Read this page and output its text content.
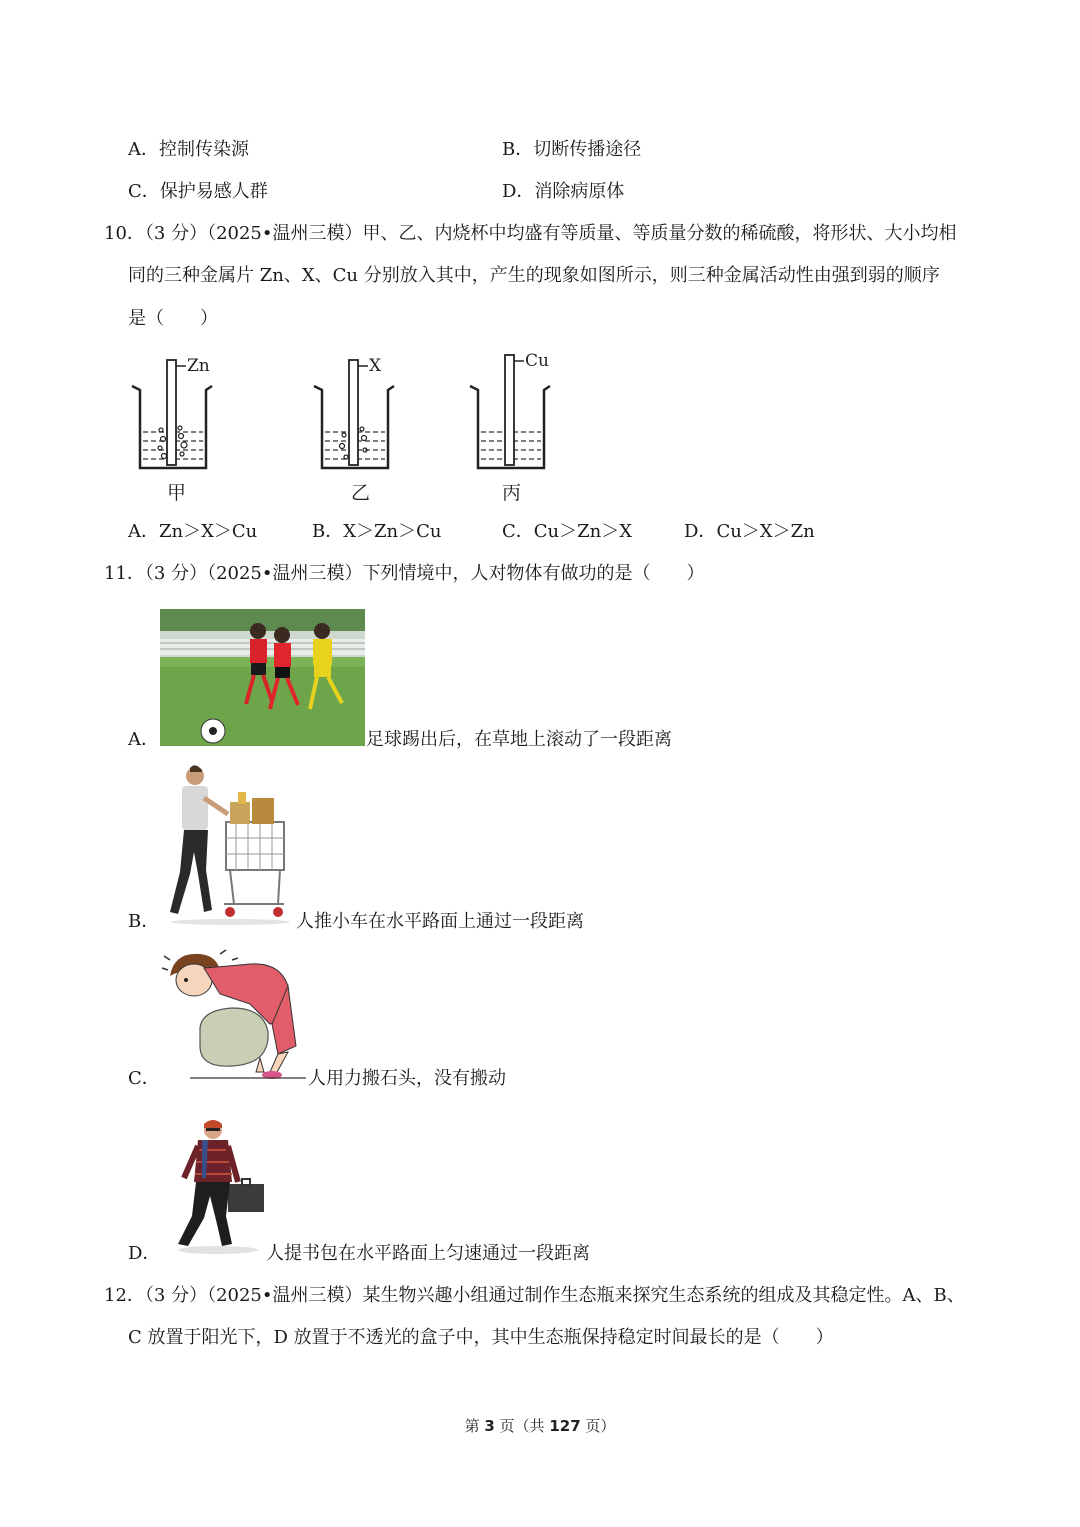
A．控制传染源	B．切断传播途径
C．保护易感人群	D．消除病原体
10．（3 分）（2025•温州三模）甲、乙、内烧杯中均盛有等质量、等质量分数的稀硫酸，将形状、大小均相
同的三种金属片 Zn、X、Cu 分别放入其中，产生的现象如图所示，则三种金属活动性由强到弱的顺序
是（　　）
Zn
甲
X
乙
Cu
丙
A．Zn＞X＞Cu	B．X＞Zn＞Cu	C．Cu＞Zn＞X	D．Cu＞X＞Zn
11．（3 分）（2025•温州三模）下列情境中，人对物体有做功的是（　　）
A．	足球踢出后，在草地上滚动了一段距离
B．	人推小车在水平路面上通过一段距离
C．	人用力搬石头，没有搬动
D．	人提书包在水平路面上匀速通过一段距离
12．（3 分）（2025•温州三模）某生物兴趣小组通过制作生态瓶来探究生态系统的组成及其稳定性。A、B、
C 放置于阳光下，D 放置于不透光的盒子中，其中生态瓶保持稳定时间最长的是（　　）
第 3 页（共 127 页）
